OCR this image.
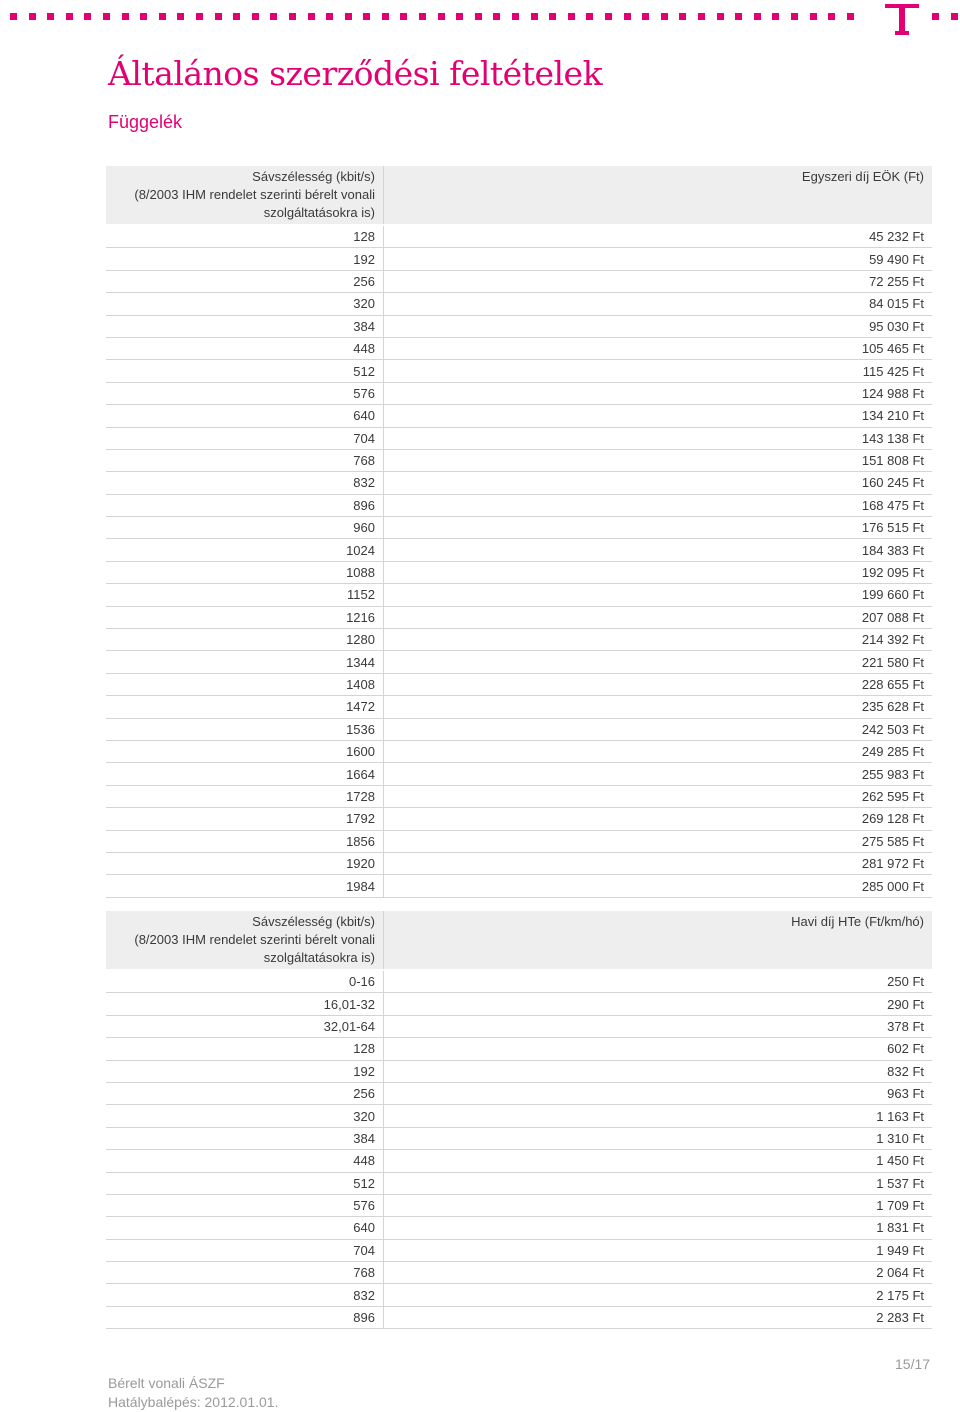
Általános szerződési feltételek
Függelék
Sávszélesség (kbit/s)
(8/2003 IHM rendelet szerinti bérelt vonali
szolgáltatásokra is)	Egyszeri díj EÖK (Ft)
128	45 232 Ft
192	59 490 Ft
256	72 255 Ft
320	84 015 Ft
384	95 030 Ft
448	105 465 Ft
512	115 425 Ft
576	124 988 Ft
640	134 210 Ft
704	143 138 Ft
768	151 808 Ft
832	160 245 Ft
896	168 475 Ft
960	176 515 Ft
1024	184 383 Ft
1088	192 095 Ft
1152	199 660 Ft
1216	207 088 Ft
1280	214 392 Ft
1344	221 580 Ft
1408	228 655 Ft
1472	235 628 Ft
1536	242 503 Ft
1600	249 285 Ft
1664	255 983 Ft
1728	262 595 Ft
1792	269 128 Ft
1856	275 585 Ft
1920	281 972 Ft
1984	285 000 Ft
Sávszélesség (kbit/s)
(8/2003 IHM rendelet szerinti bérelt vonali
szolgáltatásokra is)	Havi díj HTe (Ft/km/hó)
0-16	250 Ft
16,01-32	290 Ft
32,01-64	378 Ft
128	602 Ft
192	832 Ft
256	963 Ft
320	1 163 Ft
384	1 310 Ft
448	1 450 Ft
512	1 537 Ft
576	1 709 Ft
640	1 831 Ft
704	1 949 Ft
768	2 064 Ft
832	2 175 Ft
896	2 283 Ft
Bérelt vonali ÁSZF
Hatálybalépés: 2012.01.01.
15/17
